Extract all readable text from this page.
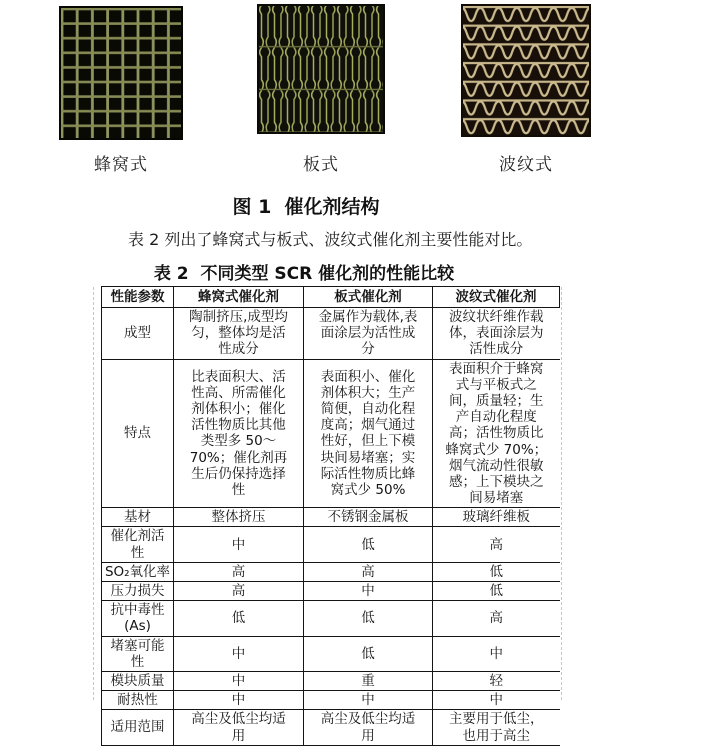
蜂窝式	板式	波纹式
图 1  催化剂结构

表 2 列出了蜂窝式与板式、波纹式催化剂主要性能对比。

表 2  不同类型 SCR 催化剂的性能比较
性能参数	蜂窝式催化剂	板式催化剂	波纹式催化剂
成型	陶制挤压,成型均匀，整体均是活性成分	金属作为载体,表面涂层为活性成分	波纹状纤维作载体，表面涂层为活性成分
特点	比表面积大、活性高、所需催化剂体积小；催化活性物质比其他类型多 50～70%；催化剂再生后仍保持选择性	表面积小、催化剂体积大；生产简便，自动化程度高；烟气通过性好，但上下模块间易堵塞；实际活性物质比蜂窝式少 50%	表面积介于蜂窝式与平板式之间，质量轻；生产自动化程度高；活性物质比蜂窝式少 70%；烟气流动性很敏感；上下模块之间易堵塞
基材	整体挤压	不锈钢金属板	玻璃纤维板
催化剂活性	中	低	高
SO₂氧化率	高	高	低
压力损失	高	中	低
抗中毒性(As)	低	低	高
堵塞可能性	中	低	中
模块质量	中	重	轻
耐热性	中	中	中
适用范围	高尘及低尘均适用	高尘及低尘均适用	主要用于低尘，也用于高尘
